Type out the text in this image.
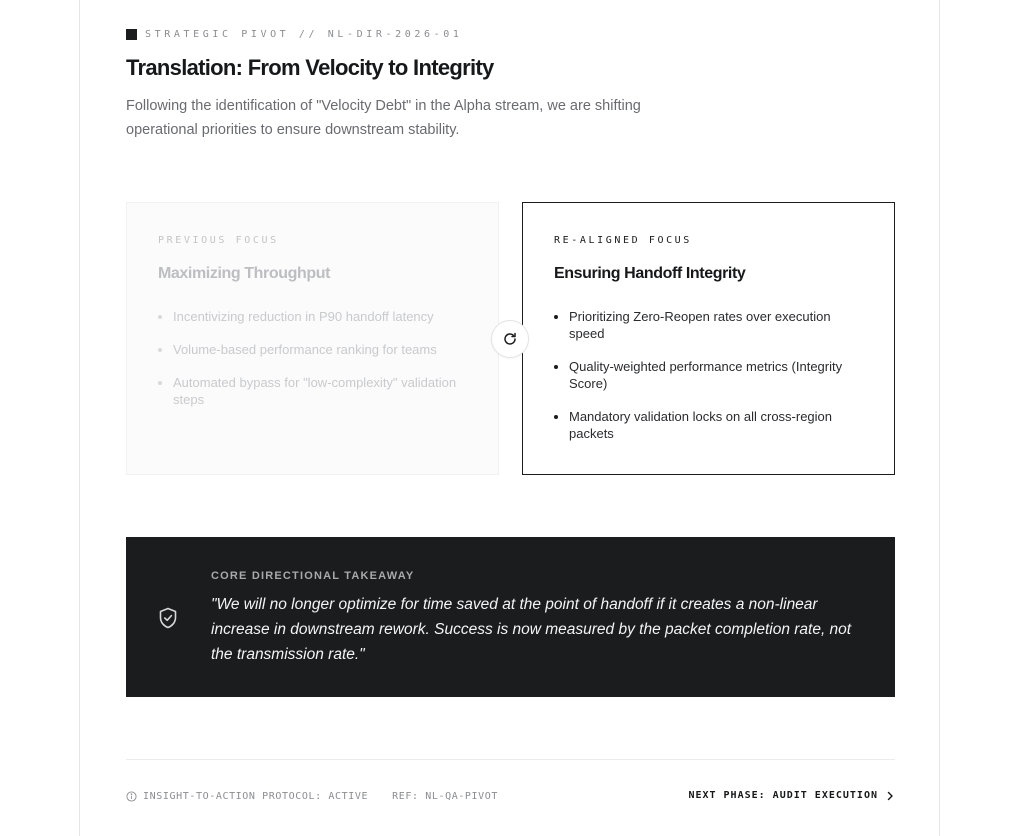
STRATEGIC PIVOT // NL-DIR-2026-01
Translation: From Velocity to Integrity

Following the identification of "Velocity Debt" in the Alpha stream, we are shifting operational priorities to ensure downstream stability.

PREVIOUS FOCUS
Maximizing Throughput
Incentivizing reduction in P90 handoff latency
Volume-based performance ranking for teams
Automated bypass for "low-complexity" validation steps
RE-ALIGNED FOCUS
Ensuring Handoff Integrity
Prioritizing Zero-Reopen rates over execution speed
Quality-weighted performance metrics (Integrity Score)
Mandatory validation locks on all cross-region packets
CORE DIRECTIONAL TAKEAWAY

"We will no longer optimize for time saved at the point of handoff if it creates a non-linear increase in downstream rework. Success is now measured by the packet completion rate, not the transmission rate."

INSIGHT-TO-ACTION PROTOCOL: ACTIVE REF: NL-QA-PIVOT	NEXT PHASE: AUDIT EXECUTION
